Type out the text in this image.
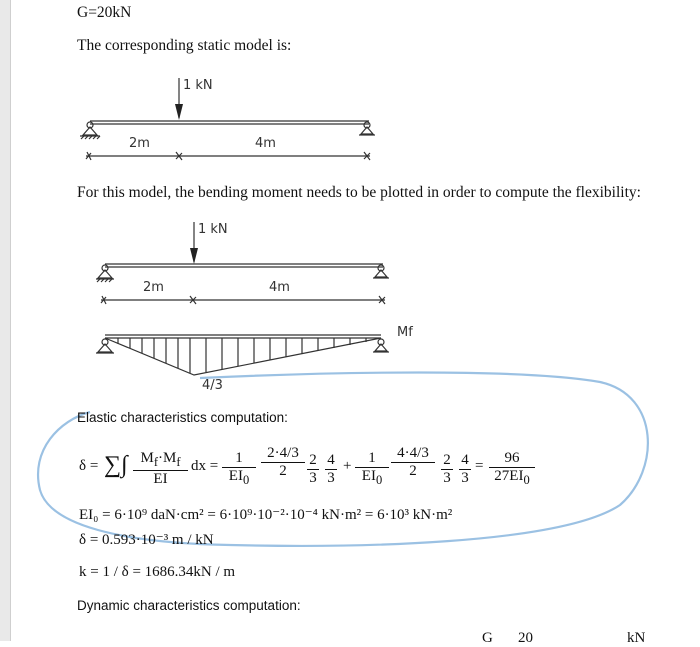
G=20kN
The corresponding static model is:
1 kN
2m	4m
For this model, the bending moment needs to be plotted in order to compute the flexibility:
1 kN
2m	4m
Mf
4/3
Elastic characteristics computation:
δ = ∑∫ $\frac{M_f\cdot M_f}{EI}$ dx = $\frac{1}{EI_0} \frac{2\cdot 4/3}{2} \frac{2}{3} \frac{4}{3} + \frac{1}{EI_0} \frac{4\cdot 4/3}{2} \frac{2}{3} \frac{4}{3} = \frac{96}{27EI_0}$
EI₀ = 6·10⁹ daN·cm² = 6·10⁹·10⁻²·10⁻⁴ kN·m² = 6·10³ kN·m²
δ = 0.593·10⁻³ m / kN
k = 1 / δ = 1686.34kN / m
Dynamic characteristics computation:
G 20	kN
